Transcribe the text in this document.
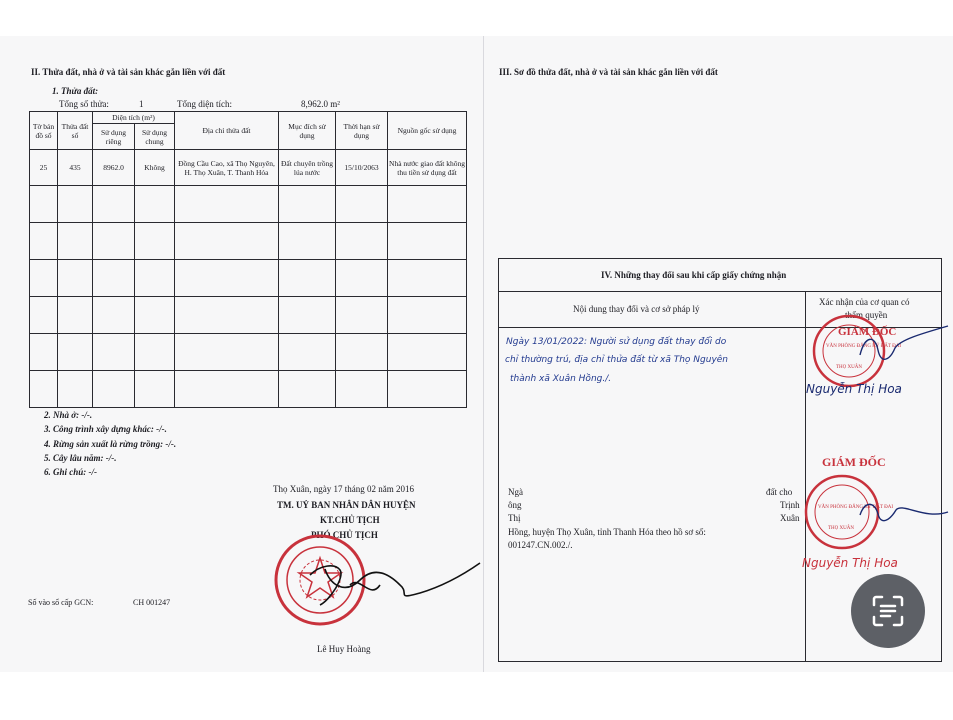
II. Thửa đất, nhà ở và tài sản khác gắn liền với đất
1. Thửa đất:
Tổng số thửa:	1	Tổng diện tích:	8,962.0 m²
Tờ bản đồ số	Thửa đất số	Diện tích (m²)		Địa chỉ thửa đất	Mục đích sử dụng	Thời hạn sử dụng	Nguồn gốc sử dụng
		Sử dụng riêng	Sử dụng chung				
25	435	8962.0	Không	Đồng Cầu Cao, xã Thọ Nguyên, H. Thọ Xuân, T. Thanh Hóa	Đất chuyên trồng lúa nước	15/10/2063	Nhà nước giao đất không thu tiền sử dụng đất

2. Nhà ở: -/-.
3. Công trình xây dựng khác: -/-.
4. Rừng sản xuất là rừng trồng: -/-.
5. Cây lâu năm: -/-.
6. Ghi chú: -/-
Thọ Xuân, ngày 17 tháng 02 năm 2016
TM. UỶ BAN NHÂN DÂN HUYỆN
KT.CHỦ TỊCH
PHÓ CHỦ TỊCH
Lê Huy Hoàng
Số vào sổ cấp GCN:	CH 001247
III. Sơ đồ thửa đất, nhà ở và tài sản khác gắn liền với đất
IV. Những thay đổi sau khi cấp giấy chứng nhận
Nội dung thay đổi và cơ sở pháp lý
Xác nhận của cơ quan có
thẩm quyền
Ngày 13/01/2022: Người sử dụng đất thay đổi do
chỉ thường trú, địa chỉ thửa đất từ xã Thọ Nguyên
thành xã Xuân Hồng./.
Ngà
ông
Thị
đất cho
Trịnh
Xuân
Hồng, huyện Thọ Xuân, tỉnh Thanh Hóa theo hồ sơ số:
001247.CN.002./.
VĂN PHÒNG ĐĂNG KÝ ĐẤT ĐAI
THỌ XUÂN
GIÁM ĐỐC
Nguyễn Thị Hoa
GIÁM ĐỐC
VĂN PHÒNG ĐĂNG KÝ ĐẤT ĐAI
THỌ XUÂN
Nguyễn Thị Hoa
